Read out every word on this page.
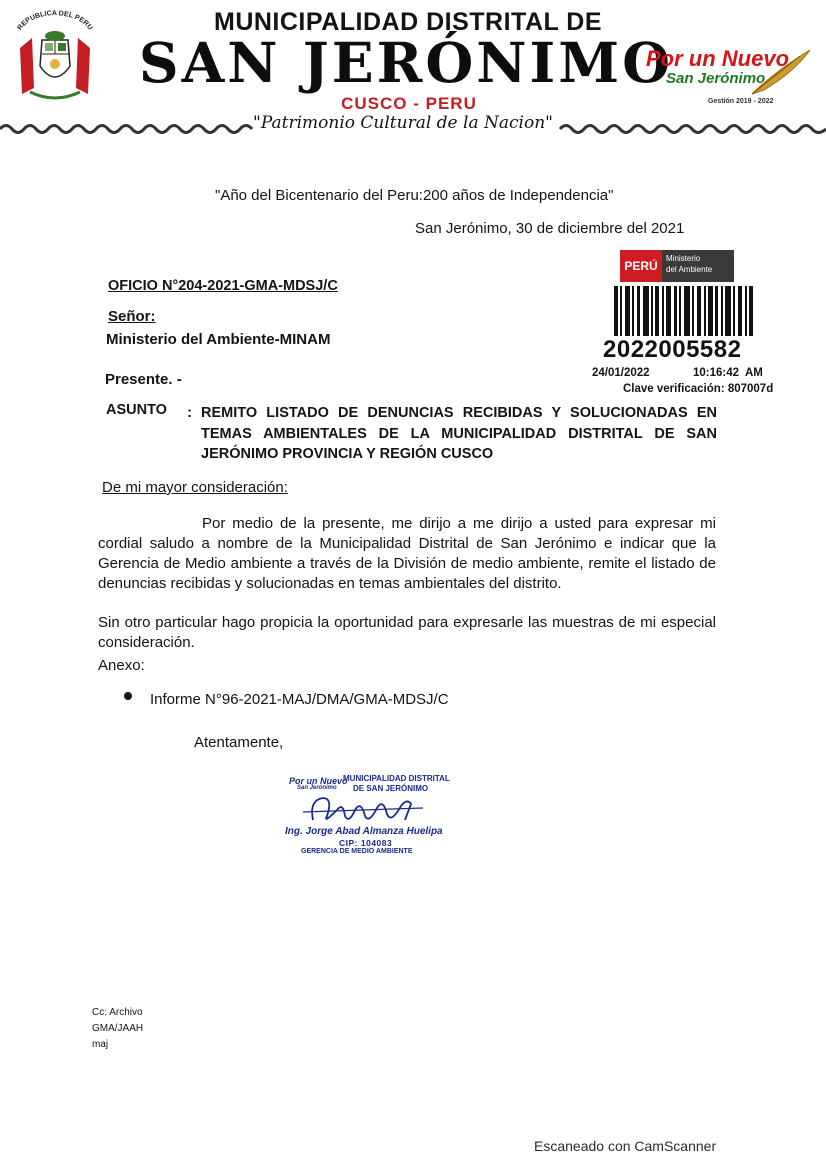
REPUBLICA DEL PERU	MUNICIPALIDAD DISTRITAL DE
SAN JERÓNIMO
CUSCO - PERU
"Patrimonio Cultural de la Nacion"
Por un Nuevo
San Jerónimo
Gestión 2019 - 2022
"Año del Bicentenario del Peru:200 años de Independencia"
San Jerónimo, 30 de diciembre del 2021
OFICIO N°204-2021-GMA-MDSJ/C
Señor:
Ministerio del Ambiente-MINAM
Presente. -
ASUNTO : REMITO LISTADO DE DENUNCIAS RECIBIDAS Y SOLUCIONADAS EN TEMAS AMBIENTALES DE LA MUNICIPALIDAD DISTRITAL DE SAN JERÓNIMO PROVINCIA Y REGIÓN CUSCO
De mi mayor consideración:
Por medio de la presente, me dirijo a me dirijo a usted para expresar mi cordial saludo a nombre de la Municipalidad Distrital de San Jerónimo e indicar que la Gerencia de Medio ambiente a través de la División de medio ambiente, remite el listado de denuncias recibidas y solucionadas en temas ambientales del distrito.
Sin otro particular hago propicia la oportunidad para expresarle las muestras de mi especial consideración.
Anexo:
Informe N°96-2021-MAJ/DMA/GMA-MDSJ/C
Atentamente,
PERÚ
Ministerio
del Ambiente
2022005582
24/01/2022	10:16:42  AM
Clave verificación: 807007d
Por un Nuevo
San Jerónimo
MUNICIPALIDAD DISTRITAL
DE SAN JERÓNIMO
Ing. Jorge Abad Almanza Huelipa
CIP: 104083
GERENCIA DE MEDIO AMBIENTE
Cc: Archivo
GMA/JAAH
maj
Escaneado con CamScanner
